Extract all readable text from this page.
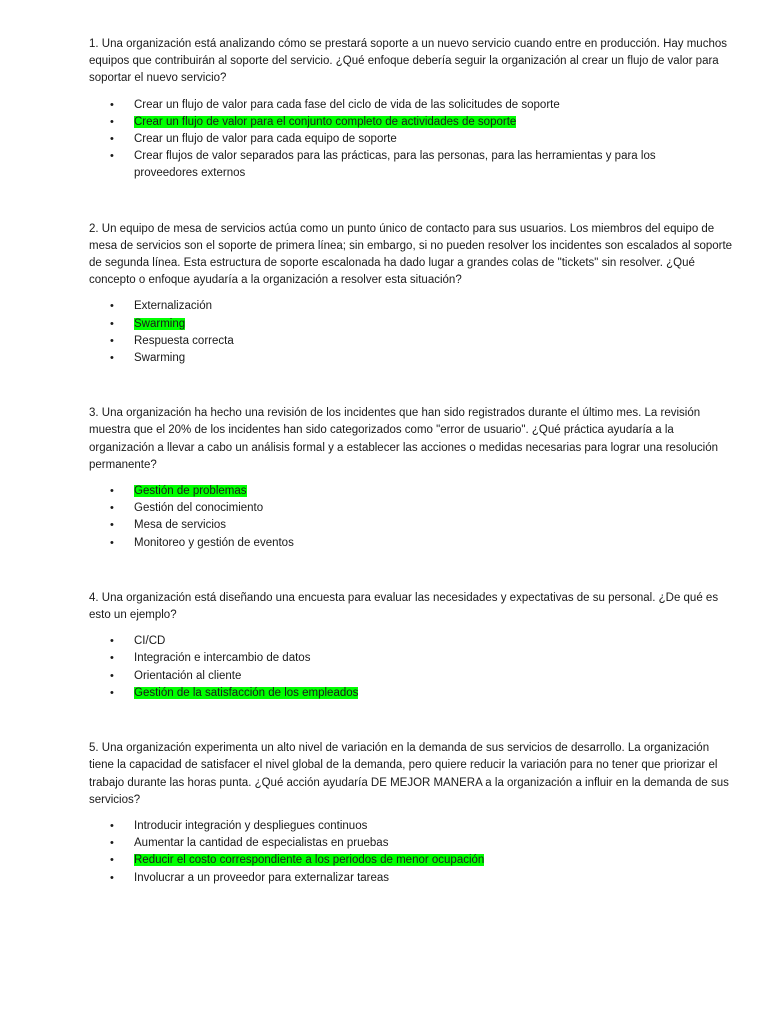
1. Una organización está analizando cómo se prestará soporte a un nuevo servicio cuando entre en producción. Hay muchos equipos que contribuirán al soporte del servicio. ¿Qué enfoque debería seguir la organización al crear un flujo de valor para soportar el nuevo servicio?

• Crear un flujo de valor para cada fase del ciclo de vida de las solicitudes de soporte
• Crear un flujo de valor para el conjunto completo de actividades de soporte
• Crear un flujo de valor para cada equipo de soporte
• Crear flujos de valor separados para las prácticas, para las personas, para las herramientas y para los proveedores externos

2. Un equipo de mesa de servicios actúa como un punto único de contacto para sus usuarios. Los miembros del equipo de mesa de servicios son el soporte de primera línea; sin embargo, si no pueden resolver los incidentes son escalados al soporte de segunda línea. Esta estructura de soporte escalonada ha dado lugar a grandes colas de "tickets" sin resolver. ¿Qué concepto o enfoque ayudaría a la organización a resolver esta situación?

• Externalización
• Swarming
• Respuesta correcta
• Swarming

3. Una organización ha hecho una revisión de los incidentes que han sido registrados durante el último mes. La revisión muestra que el 20% de los incidentes han sido categorizados como "error de usuario". ¿Qué práctica ayudaría a la organización a llevar a cabo un análisis formal y a establecer las acciones o medidas necesarias para lograr una resolución permanente?

• Gestión de problemas
• Gestión del conocimiento
• Mesa de servicios
• Monitoreo y gestión de eventos

4. Una organización está diseñando una encuesta para evaluar las necesidades y expectativas de su personal. ¿De qué es esto un ejemplo?

• CI/CD
• Integración e intercambio de datos
• Orientación al cliente
• Gestión de la satisfacción de los empleados

5. Una organización experimenta un alto nivel de variación en la demanda de sus servicios de desarrollo. La organización tiene la capacidad de satisfacer el nivel global de la demanda, pero quiere reducir la variación para no tener que priorizar el trabajo durante las horas punta. ¿Qué acción ayudaría DE MEJOR MANERA a la organización a influir en la demanda de sus servicios?

• Introducir integración y despliegues continuos
• Aumentar la cantidad de especialistas en pruebas
• Reducir el costo correspondiente a los periodos de menor ocupación
• Involucrar a un proveedor para externalizar tareas
